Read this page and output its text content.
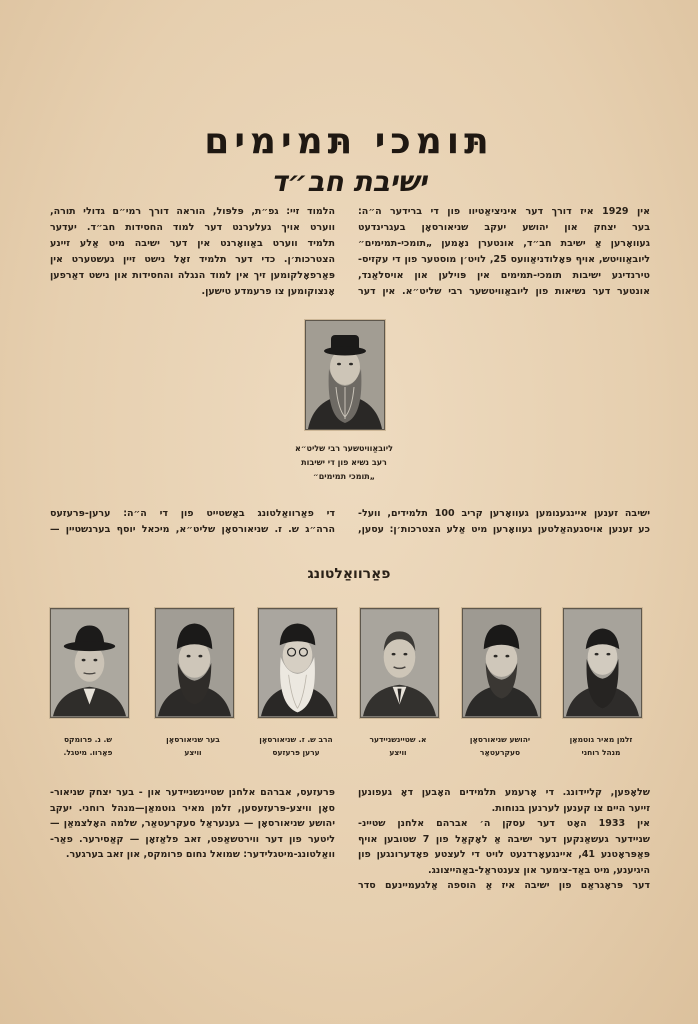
תּומכי תּמימים
ישיבת חב״ד
אין 1929 איז דורך דער איניציאַטיוו פון די ברידער ה״ה:
בער יצחק און יהושע יעקב שניאורסאָן בעגרינדעט
געוואָרען אַ ישיבת חב״ד, אונטערן נאָמען „תומכי-תמימים״
ליובאַוויטש, אויף פּאָלודניאַוועס 25, לויט׳ן מוסטער פון די עקזיס-
טירנדיגע ישיבות תומכי-תמימים אין פּוילען און אויסלאַנד,
אונטער דער נשיאות פון ליובאַוויטשער רבי שליט״א. אין דער
הלמוד זיי: גפ״ת, פּלפּול, הוראה דורך רמי״ם גדולי תורה,
ווערט אויך געלערנט דער למוד החסידות חב״ד. יעדער
תלמיד ווערט באַוואָרנט אין דער ישיבה מיט אַלע זיינע
הצטרכות׳ן. כדי דער תלמיד זאָל נישט זיין געשטערט אין
פּאַרפאָלקומען זיך אין למוד הנגלה והחסידות און נישט דאַרפען
אָנצוקומען צו פרעמדע טישען.
ליובאַוויטשער רבי שליט״א
רעב נשיא פון די ישיבות
„תומכי תמימים״
ישיבה זענען איינגענומען געוואָרען קריב 100 תלמידים, וועל-
כע זענען אויסגעהאַלטען געוואָרען מיט אַלע הצטרכות׳ן: עסען,
די פאַרוואַלטונג באַשטייט פון די ה״ה: ערען-פּרעזעס
הרה״ג ש. ז. שניאורסאָן שליט״א, מיכאל יוסף בערנשטיין —
פאַרוואַלטונג
זלמן מאיר גוטמאַן
מנהל רוחני
יהושע שניאורסאָן
סעקרעטאַר
א. שטיינשניידער
וויצע
הרב ש. ז. שניאורסאָן
ערען פּרעזעס
בער שניאורסאָן
וויצע
ש. נ. פרומקס
פאַרוו. מיטגל.
שלאָפען, קליידונג. די אָרעמע תלמידים האָבען דאָ געפונען
זייער היים צו קענען לערנען בנוחות.
אין 1933 האָט דער עסקן ה׳ אברהם אלחנן שטיינ-
שניידער געשאַנקען דער ישיבה אַ לאָקאַל פון 7 שטובען אויף
פּאַפּראָטנע 41, איינגעאָרדנעט לויט די לעצטע פאָדערונגען פון
היגיענע, מיט באַד-צימער און צענטראַל-באַהייצונג.
דער פּראָגראַם פון ישיבה איז אַ הוספה אַלגעמיינעם סדר
פּרעזעס, אברהם אלחנן שטיינשניידער און - בער יצחק שניאור-
סאָן וויצע-פּרעזעסען, זלמן מאיר גוטמאַן—מנהל רוחני. יעקב
יהושע שניאורסאָן — גענעראַל סעקרעטאַר, שלמה האָלצמאַן —
ליטער פון דער ווירטשאַפט, זאב פלאַזאָן — קאַסירער. פאַר-
וואַלטונג-מיטגלידער: שמואל נחום פרומקס, און זאב בערגער.
